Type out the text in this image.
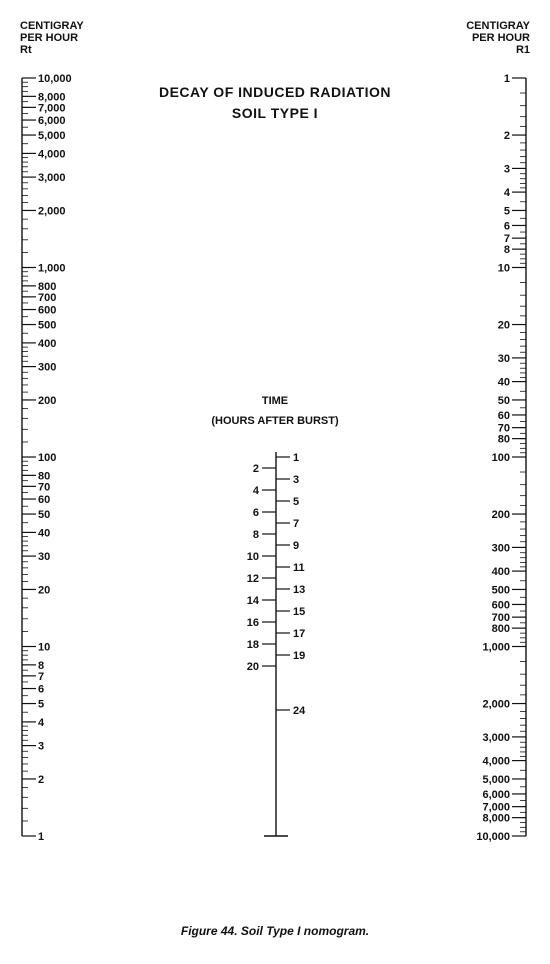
CENTIGRAY
PER HOUR
Rt
CENTIGRAY
PER HOUR
R1
DECAY OF INDUCED RADIATION
SOIL TYPE I
TIME
(HOURS AFTER BURST)
10,000
8,000
7,000
6,000
5,000
4,000
3,000
2,000
1,000
800
700
600
500
400
300
200
100
80
70
60
50
40
30
20
10
8
7
6
5
4
3
2
1
1
2
3
4
5
6
7
8
10
20
30
40
50
60
70
80
100
200
300
400
500
600
700
800
1,000
2,000
3,000
4,000
5,000
6,000
7,000
8,000
10,000
2
4
6
8
10
12
14
16
18
20
1
3
5
7
9
11
13
15
17
19
24
Figure 44. Soil Type I nomogram.
